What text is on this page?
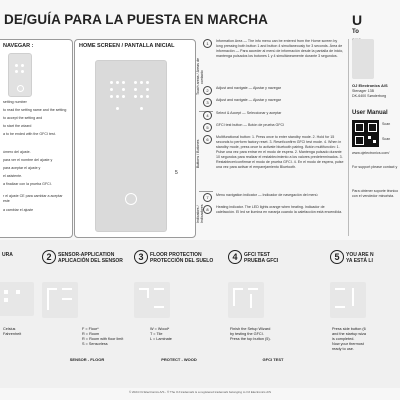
DE/GUÍA PARA LA PUESTA EN MARCHA	U
To
NAVEGAR :
setting number
to read the setting name and the setting
to accept the setting and
to start the wizard
a to be ended with the GFCI test.
úmero del ajuste.
para ver el nombre del ajuste y
para aceptar el ajuste y
el asistente.
a finalizar con la prueba GFCI.
r el ajuste CE para cambiar a aceptar este
a cambiar el ajuste
HOME SCREEN / PANTALLA INICIAL
5
Touch areas / Áreas de contacto
Buttons / Botones
Indicators / Indicadores
1	Information Area — The info menu can be entered from the Home screen by long pressing both button 1 and button 4 simultaneously for 3 seconds. Área de información — Para acceder al menú de información desde la pantalla de inicio, mantenga pulsados los botones 1 y 4 simultáneamente durante 3 segundos.
2	Adjust and navigate — Ajustar y navegar
3	Adjust and navigate — Ajustar y navegar
4	Select & Accept — Seleccionar y aceptar
5	GFCI test button — Botón de prueba GFCI
6	Multifunctional button: 1. Press once to enter standby mode. 2. Hold for 15 seconds to perform factory reset. 3. Reset/confirm GFCI test mode. 4. When in standby mode, press once to activate bluetooth pairing. Botón multifunción: 1. Pulse una vez para entrar en el modo de espera. 2. Mantenga pulsado durante 10 segundos para realizar el restablecimiento a los valores predeterminados. 3. Restablecer/confirmar el modo de prueba GFCI. 4. En el modo de espera, pulse una vez para activar el emparejamiento Bluetooth.
7	Menu navigation indicator — Indicador de navegación del menú
8	Heating indicator. The LED lights orange when heating. Indicador de calefacción. El led se ilumina en naranja cuando la calefacción está encendida.
OJ Electronics A/S
Stenager 13B
DK-6400 Sønderborg
User Manual
Scan
Scan
www.ojelectronics.com/
For support please contact y
Para obtener soporte técnico con el vendedor minorista.
URA
Celsius
Fahrenheit
2	SENSOR-APPLICATION
APLICACIÓN DEL SENSOR
F = Floor*
R = Room
R = Room with floor limit
S = Sensorless
SENSOR - FLOOR
3	FLOOR PROTECTION
PROTECCIÓN DEL SUELO
W = Wood*
T = Tile
L = Laminate
PROTECT - WOOD
4	GFCI TEST
PRUEBA GFCI
Finish the Setup Wizard
by testing the GFCI.
Press the top button (5).
GFCI TEST
5	YOU ARE N
YA ESTÁ LI
Press side button (6
and the startup wiza
is completed.
Now your thermost
ready to use.
© 2024 OJ Electronics A/S - ® The OJ trademark is a registered trademark belonging to OJ Electronics A/S
